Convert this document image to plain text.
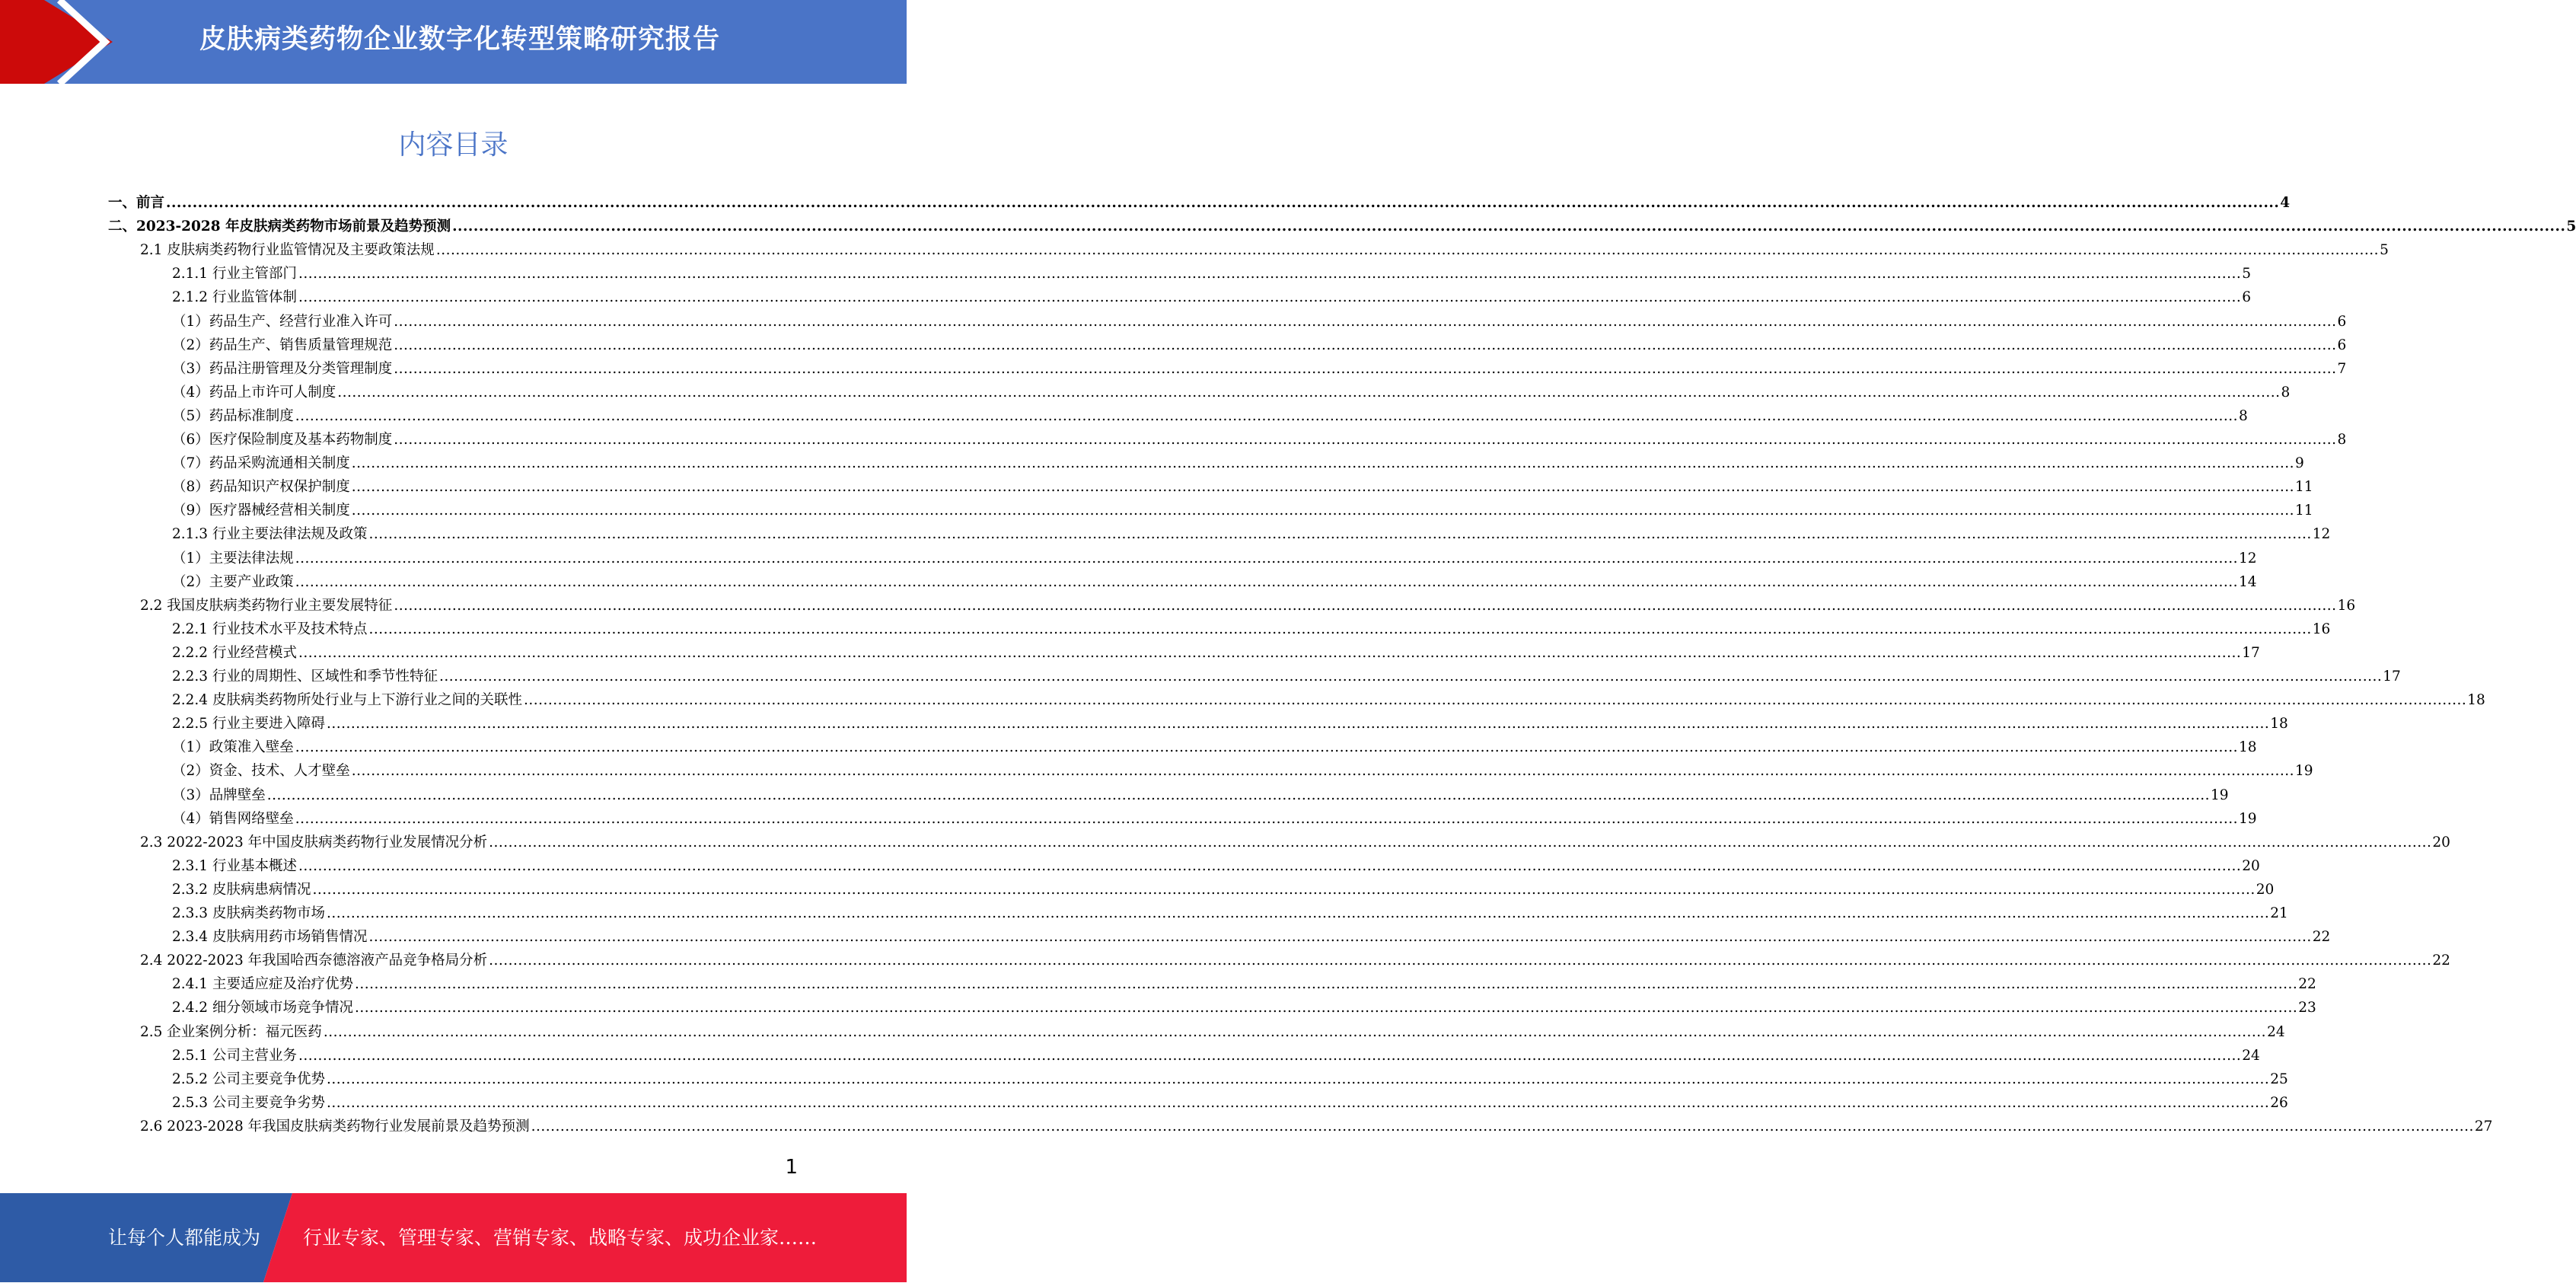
皮肤病类药物企业数字化转型策略研究报告
内容目录
一、前言 ................................................................................................................................................................................................................................................................................................................................................................................................................ 4
二、2023-2028 年皮肤病类药物市场前景及趋势预测 ................................................................................................................................................................................................................................................................................................................................................................................................................ 5
2.1 皮肤病类药物行业监管情况及主要政策法规 ................................................................................................................................................................................................................................................................................................................................................................................................................ 5
2.1.1 行业主管部门 ................................................................................................................................................................................................................................................................................................................................................................................................................ 5
2.1.2 行业监管体制 ................................................................................................................................................................................................................................................................................................................................................................................................................ 6
（1）药品生产、经营行业准入许可 ................................................................................................................................................................................................................................................................................................................................................................................................................ 6
（2）药品生产、销售质量管理规范 ................................................................................................................................................................................................................................................................................................................................................................................................................ 6
（3）药品注册管理及分类管理制度 ................................................................................................................................................................................................................................................................................................................................................................................................................ 7
（4）药品上市许可人制度 ................................................................................................................................................................................................................................................................................................................................................................................................................ 8
（5）药品标准制度 ................................................................................................................................................................................................................................................................................................................................................................................................................ 8
（6）医疗保险制度及基本药物制度 ................................................................................................................................................................................................................................................................................................................................................................................................................ 8
（7）药品采购流通相关制度 ................................................................................................................................................................................................................................................................................................................................................................................................................ 9
（8）药品知识产权保护制度 ................................................................................................................................................................................................................................................................................................................................................................................................................ 11
（9）医疗器械经营相关制度 ................................................................................................................................................................................................................................................................................................................................................................................................................ 11
2.1.3 行业主要法律法规及政策 ................................................................................................................................................................................................................................................................................................................................................................................................................ 12
（1）主要法律法规 ................................................................................................................................................................................................................................................................................................................................................................................................................ 12
（2）主要产业政策 ................................................................................................................................................................................................................................................................................................................................................................................................................ 14
2.2 我国皮肤病类药物行业主要发展特征 ................................................................................................................................................................................................................................................................................................................................................................................................................ 16
2.2.1 行业技术水平及技术特点 ................................................................................................................................................................................................................................................................................................................................................................................................................ 16
2.2.2 行业经营模式 ................................................................................................................................................................................................................................................................................................................................................................................................................ 17
2.2.3 行业的周期性、区域性和季节性特征 ................................................................................................................................................................................................................................................................................................................................................................................................................ 17
2.2.4 皮肤病类药物所处行业与上下游行业之间的关联性 ................................................................................................................................................................................................................................................................................................................................................................................................................ 18
2.2.5 行业主要进入障碍 ................................................................................................................................................................................................................................................................................................................................................................................................................ 18
（1）政策准入壁垒 ................................................................................................................................................................................................................................................................................................................................................................................................................ 18
（2）资金、技术、人才壁垒 ................................................................................................................................................................................................................................................................................................................................................................................................................ 19
（3）品牌壁垒 ................................................................................................................................................................................................................................................................................................................................................................................................................ 19
（4）销售网络壁垒 ................................................................................................................................................................................................................................................................................................................................................................................................................ 19
2.3 2022-2023 年中国皮肤病类药物行业发展情况分析 ................................................................................................................................................................................................................................................................................................................................................................................................................ 20
2.3.1 行业基本概述 ................................................................................................................................................................................................................................................................................................................................................................................................................ 20
2.3.2 皮肤病患病情况 ................................................................................................................................................................................................................................................................................................................................................................................................................ 20
2.3.3 皮肤病类药物市场 ................................................................................................................................................................................................................................................................................................................................................................................................................ 21
2.3.4 皮肤病用药市场销售情况 ................................................................................................................................................................................................................................................................................................................................................................................................................ 22
2.4 2022-2023 年我国哈西奈德溶液产品竞争格局分析 ................................................................................................................................................................................................................................................................................................................................................................................................................ 22
2.4.1 主要适应症及治疗优势 ................................................................................................................................................................................................................................................................................................................................................................................................................ 22
2.4.2 细分领域市场竞争情况 ................................................................................................................................................................................................................................................................................................................................................................................................................ 23
2.5 企业案例分析：福元医药 ................................................................................................................................................................................................................................................................................................................................................................................................................ 24
2.5.1 公司主营业务 ................................................................................................................................................................................................................................................................................................................................................................................................................ 24
2.5.2 公司主要竞争优势 ................................................................................................................................................................................................................................................................................................................................................................................................................ 25
2.5.3 公司主要竞争劣势 ................................................................................................................................................................................................................................................................................................................................................................................................................ 26
2.6 2023-2028 年我国皮肤病类药物行业发展前景及趋势预测 ................................................................................................................................................................................................................................................................................................................................................................................................................ 27
1
让每个人都能成为 行业专家、管理专家、营销专家、战略专家、成功企业家……
